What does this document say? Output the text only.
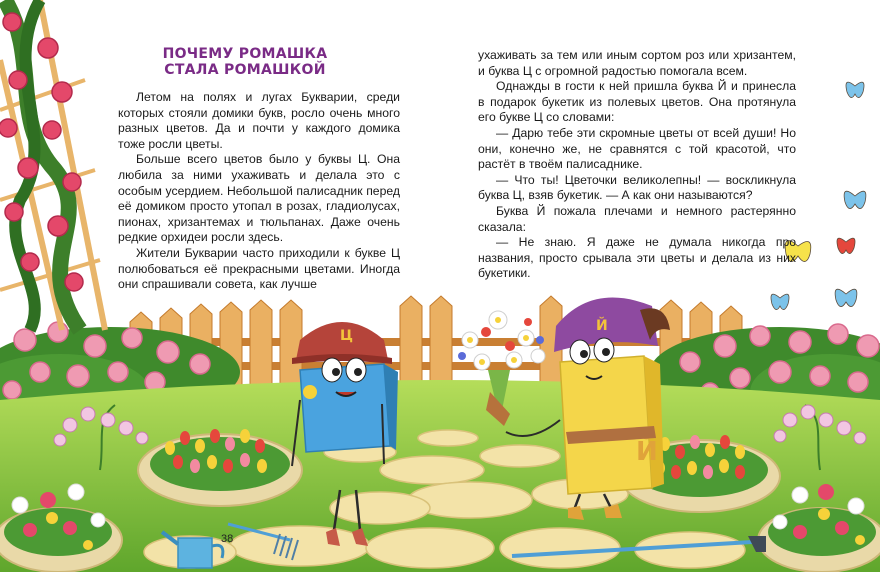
Ц
Й
Й
ПОЧЕМУ РОМАШКА
СТАЛА РОМАШКОЙ

Летом на полях и лугах Букварии, среди которых стояли домики букв, росло очень много разных цветов. Да и почти у каждого домика тоже росли цветы.

Больше всего цветов было у буквы Ц. Она любила за ними ухаживать и делала это с особым усердием. Небольшой палисадник перед её домиком просто утопал в розах, гладиолусах, пионах, хризантемах и тюльпанах. Даже очень редкие орхидеи росли здесь.

Жители Букварии часто приходили к букве Ц полюбоваться её прекрасными цветами. Иногда они спрашивали совета, как лучше

ухаживать за тем или иным сортом роз или хризантем, и буква Ц с огромной радостью помогала всем.

Однажды в гости к ней пришла буква Й и принесла в подарок букетик из полевых цветов. Она протянула его букве Ц со словами:

— Дарю тебе эти скромные цветы от всей души! Но они, конечно же, не сравнятся с той красотой, что растёт в твоём палисаднике.

— Что ты! Цветочки великолепны! — воскликнула буква Ц, взяв букетик. — А как они называются?

Буква Й пожала плечами и немного растерянно сказала:

— Не знаю. Я даже не думала никогда про названия, просто срывала эти цветы и делала из них букетики.

38
